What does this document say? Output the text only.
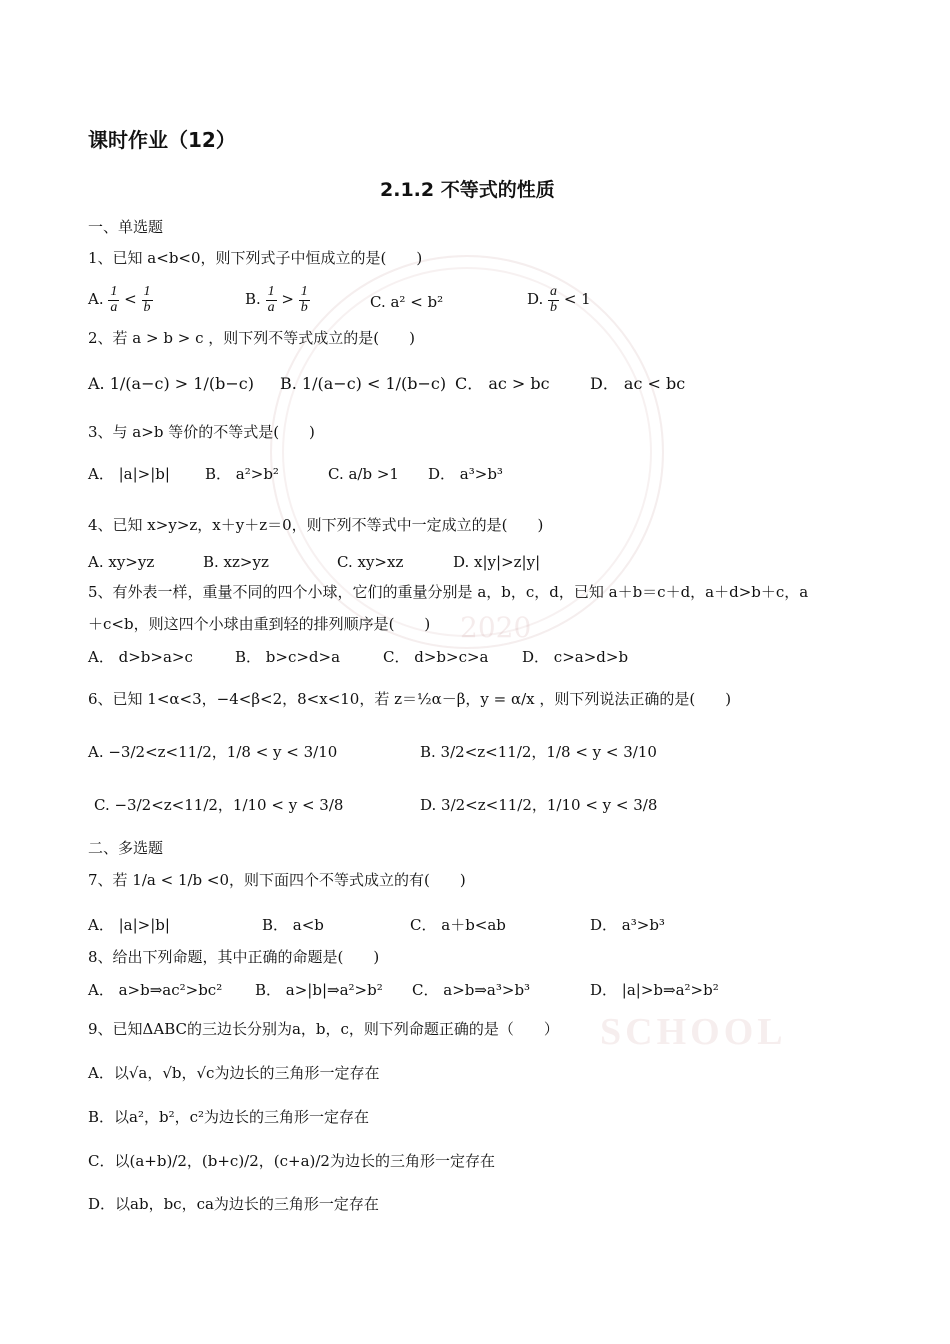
2020
SCHOOL
课时作业（12）
2.1.2 不等式的性质
一、单选题
1、已知 a<b<0，则下列式子中恒成立的是(　　)
A. $\frac{1}{a} < \frac{1}{b}$	B. $\frac{1}{a} > \frac{1}{b}$	C. a² < b²	D. $\frac{a}{b} < 1$
2、若 a > b > c ，则下列不等式成立的是(　　)
A. 1/(a−c) > 1/(b−c) B. 1/(a−c) < 1/(b−c) C． ac > bc	D． ac < bc
3、与 a>b 等价的不等式是(　　)
A． |a|>|b| B． a²>b²	C. a/b >1 D． a³>b³
4、已知 x>y>z，x＋y＋z＝0，则下列不等式中一定成立的是(　　)
A. xy>yz	B. xz>yz	C. xy>xz	D. x|y|>z|y|
5、有外表一样，重量不同的四个小球，它们的重量分别是 a，b，c，d，已知 a＋b＝c＋d，a＋d>b＋c，a
＋c<b，则这四个小球由重到轻的排列顺序是(　　)
A． d>b>a>c	B． b>c>d>a	C． d>b>c>a D． c>a>d>b
6、已知 1<α<3，−4<β<2，8<x<10，若 z＝½α－β，y = α/x ，则下列说法正确的是(　　)
A. −3/2<z<11/2，1/8 < y < 3/10	B. 3/2<z<11/2，1/8 < y < 3/10
C. −3/2<z<11/2，1/10 < y < 3/8	D. 3/2<z<11/2，1/10 < y < 3/8
二、多选题
7、若 1/a < 1/b <0，则下面四个不等式成立的有(　　)
A． |a|>|b|	B． a<b	C． a＋b<ab	D． a³>b³
8、给出下列命题，其中正确的命题是(　　)
A． a>b⇒ac²>bc² B． a>|b|⇒a²>b² C． a>b⇒a³>b³	D． |a|>b⇒a²>b²
9、已知ΔABC的三边长分别为a，b，c，则下列命题正确的是（　　）
A．以√a，√b，√c为边长的三角形一定存在
B．以a²，b²，c²为边长的三角形一定存在
C．以(a+b)/2，(b+c)/2，(c+a)/2为边长的三角形一定存在
D．以ab，bc，ca为边长的三角形一定存在
